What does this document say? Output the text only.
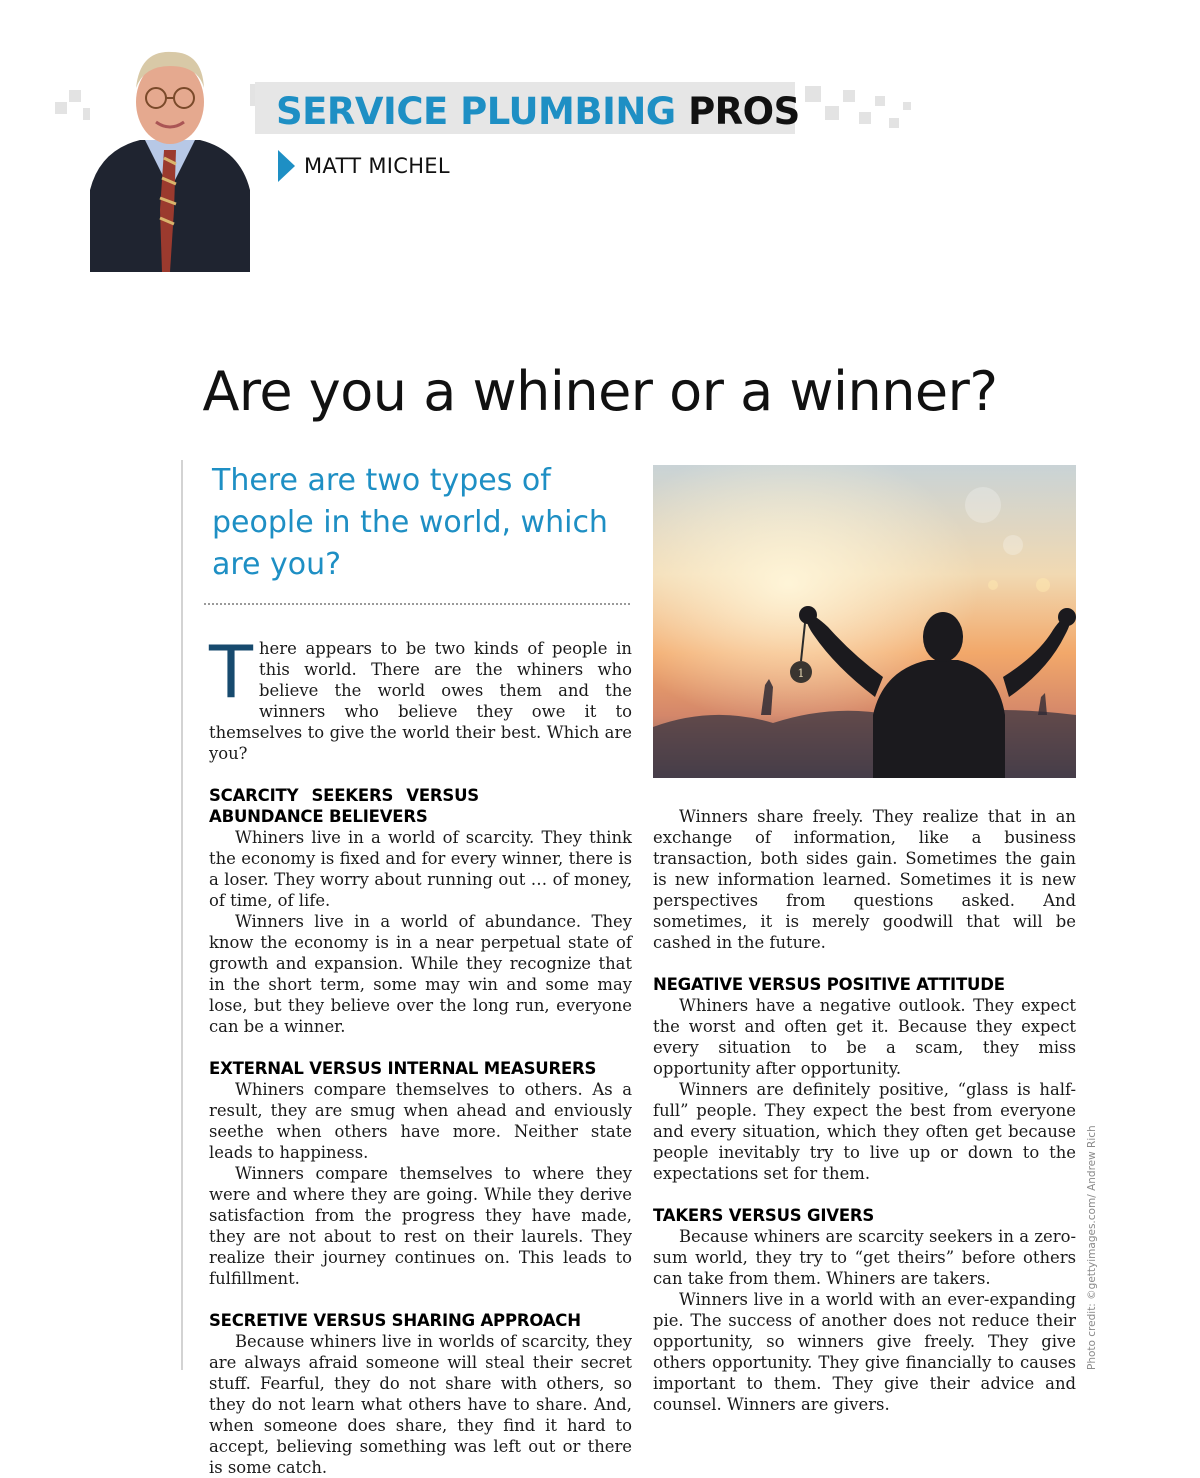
SERVICE PLUMBING PROS
MATT MICHEL
Are you a whiner or a winner?
There are two types of people in the world, which are you?

There appears to be two kinds of people in this world. There are the whiners who believe the world owes them and the winners who believe they owe it to themselves to give the world their best. Which are you?

SCARCITY SEEKERS VERSUS ABUNDANCE BELIEVERS

Whiners live in a world of scarcity. They think the economy is fixed and for every winner, there is a loser. They worry about running out … of money, of time, of life.

Winners live in a world of abundance. They know the economy is in a near perpetual state of growth and expansion. While they recognize that in the short term, some may win and some may lose, but they believe over the long run, everyone can be a winner.

EXTERNAL VERSUS INTERNAL MEASURERS

Whiners compare themselves to others. As a result, they are smug when ahead and enviously seethe when others have more. Neither state leads to happiness.

Winners compare themselves to where they were and where they are going. While they derive satisfaction from the progress they have made, they are not about to rest on their laurels. They realize their journey continues on. This leads to fulfillment.

SECRETIVE VERSUS SHARING APPROACH

Because whiners live in worlds of scarcity, they are always afraid someone will steal their secret stuff. Fearful, they do not share with others, so they do not learn what others have to share. And, when someone does share, they find it hard to accept, believing something was left out or there is some catch.

1

Winners share freely. They realize that in an exchange of information, like a business transaction, both sides gain. Sometimes the gain is new information learned. Sometimes it is new perspectives from questions asked. And sometimes, it is merely goodwill that will be cashed in the future.

NEGATIVE VERSUS POSITIVE ATTITUDE

Whiners have a negative outlook. They expect the worst and often get it. Because they expect every situation to be a scam, they miss opportunity after opportunity.

Winners are definitely positive, “glass is half-full” people. They expect the best from everyone and every situation, which they often get because people inevitably try to live up or down to the expectations set for them.

TAKERS VERSUS GIVERS

Because whiners are scarcity seekers in a zero-sum world, they try to “get theirs” before others can take from them. Whiners are takers.

Winners live in a world with an ever-expanding pie. The success of another does not reduce their opportunity, so winners give freely. They give others opportunity. They give financially to causes important to them. They give their advice and counsel. Winners are givers.

Photo credit: ©gettyimages.com/ Andrew Rich
